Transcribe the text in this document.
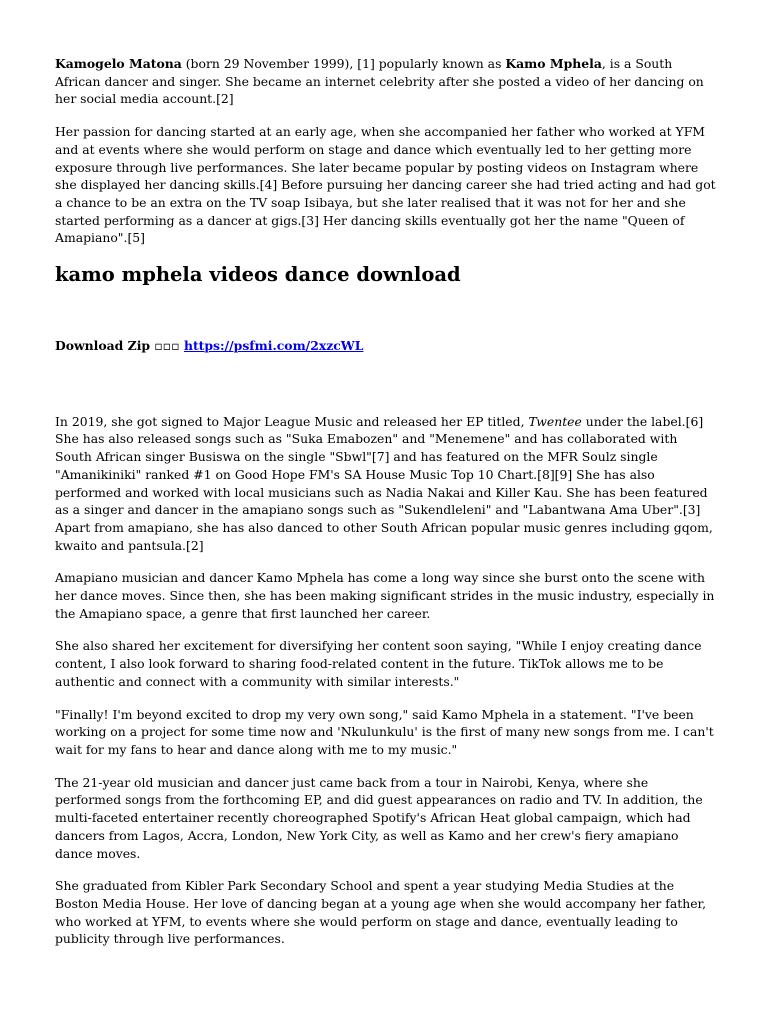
Kamogelo Matona (born 29 November 1999), [1] popularly known as Kamo Mphela, is a South African dancer and singer. She became an internet celebrity after she posted a video of her dancing on her social media account.[2]

Her passion for dancing started at an early age, when she accompanied her father who worked at YFM and at events where she would perform on stage and dance which eventually led to her getting more exposure through live performances. She later became popular by posting videos on Instagram where she displayed her dancing skills.[4] Before pursuing her dancing career she had tried acting and had got a chance to be an extra on the TV soap Isibaya, but she later realised that it was not for her and she started performing as a dancer at gigs.[3] Her dancing skills eventually got her the name "Queen of Amapiano".[5]

kamo mphela videos dance download

Download Zip ▫▫▫ https://psfmi.com/2xzcWL

In 2019, she got signed to Major League Music and released her EP titled, Twentee under the label.[6] She has also released songs such as "Suka Emabozen" and "Menemene" and has collaborated with South African singer Busiswa on the single "Sbwl"[7] and has featured on the MFR Soulz single "Amanikiniki" ranked #1 on Good Hope FM's SA House Music Top 10 Chart.[8][9] She has also performed and worked with local musicians such as Nadia Nakai and Killer Kau. She has been featured as a singer and dancer in the amapiano songs such as "Sukendleleni" and "Labantwana Ama Uber".[3] Apart from amapiano, she has also danced to other South African popular music genres including gqom, kwaito and pantsula.[2]

Amapiano musician and dancer Kamo Mphela has come a long way since she burst onto the scene with her dance moves. Since then, she has been making significant strides in the music industry, especially in the Amapiano space, a genre that first launched her career.

She also shared her excitement for diversifying her content soon saying, "While I enjoy creating dance content, I also look forward to sharing food-related content in the future. TikTok allows me to be authentic and connect with a community with similar interests."

"Finally! I'm beyond excited to drop my very own song," said Kamo Mphela in a statement. "I've been working on a project for some time now and 'Nkulunkulu' is the first of many new songs from me. I can't wait for my fans to hear and dance along with me to my music."

The 21-year old musician and dancer just came back from a tour in Nairobi, Kenya, where she performed songs from the forthcoming EP, and did guest appearances on radio and TV. In addition, the multi-faceted entertainer recently choreographed Spotify's African Heat global campaign, which had dancers from Lagos, Accra, London, New York City, as well as Kamo and her crew's fiery amapiano dance moves.

She graduated from Kibler Park Secondary School and spent a year studying Media Studies at the Boston Media House. Her love of dancing began at a young age when she would accompany her father, who worked at YFM, to events where she would perform on stage and dance, eventually leading to publicity through live performances.
